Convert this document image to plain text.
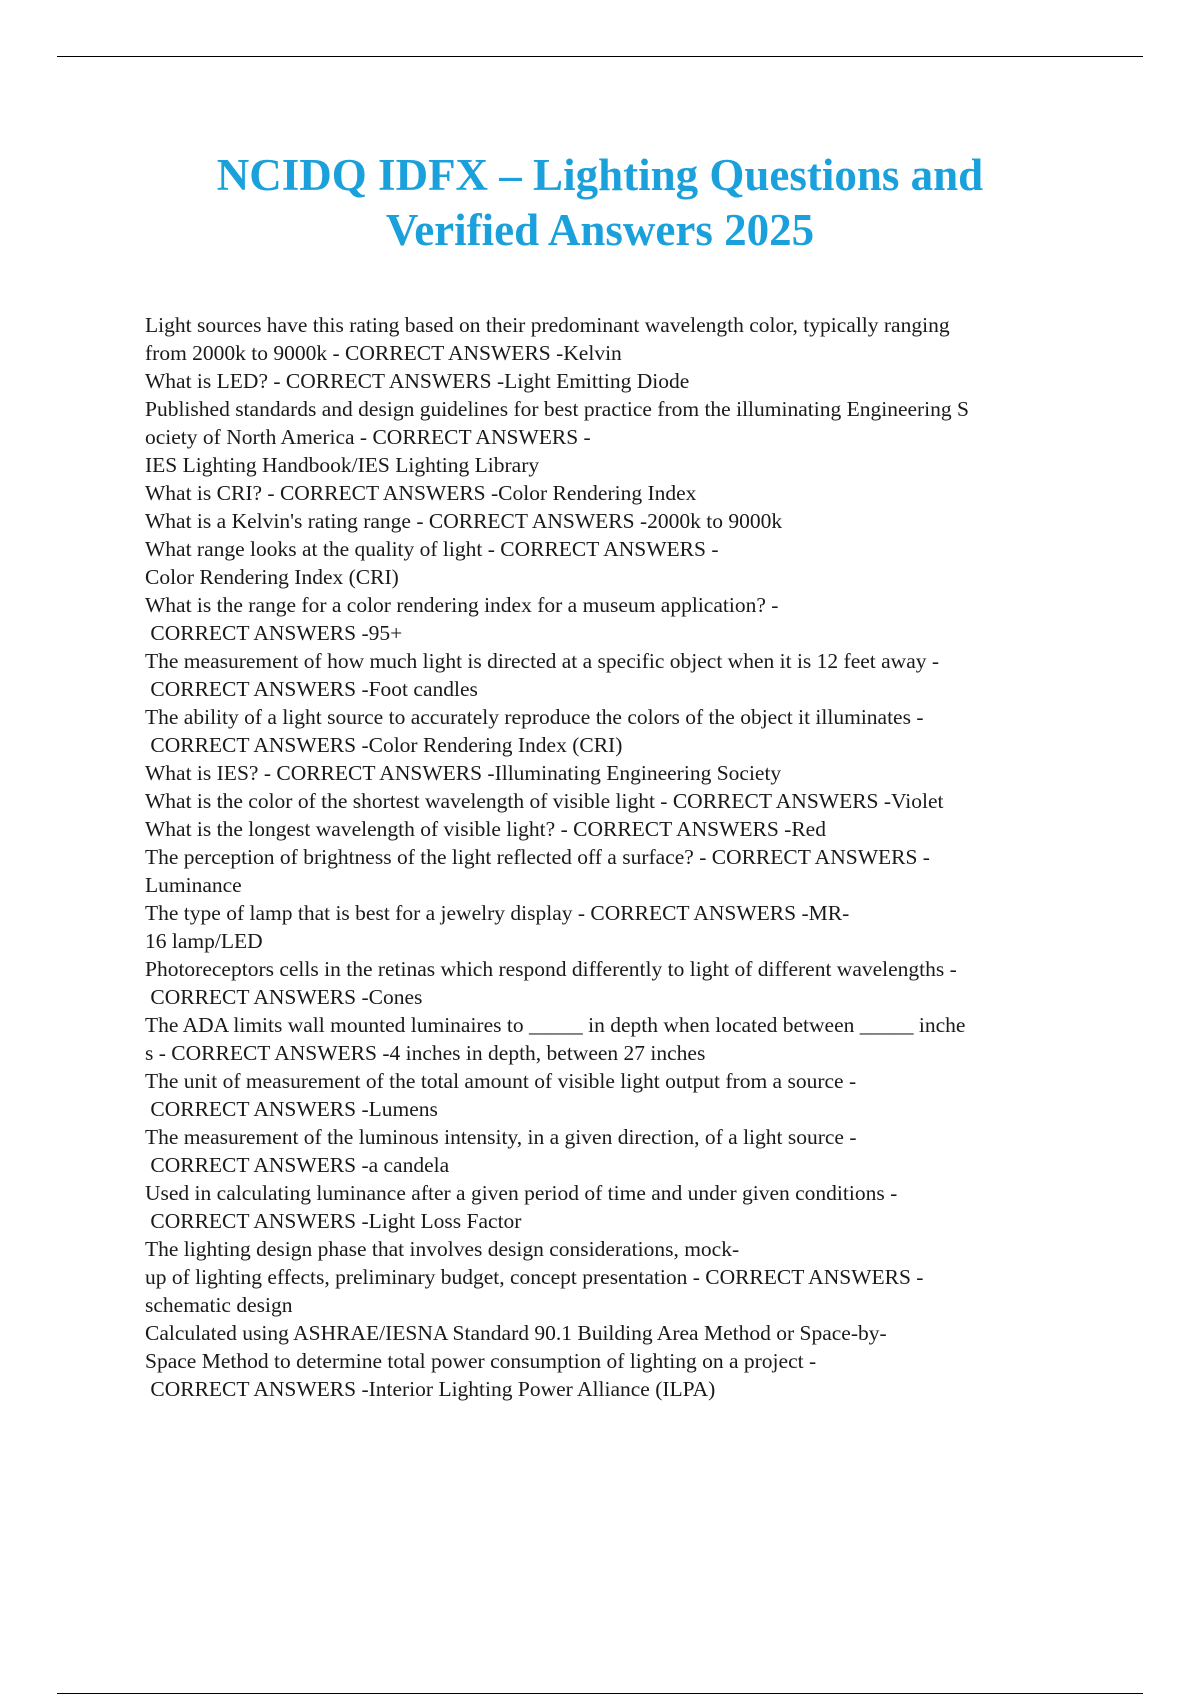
NCIDQ IDFX – Lighting Questions and
Verified Answers 2025
Light sources have this rating based on their predominant wavelength color, typically ranging
from 2000k to 9000k - CORRECT ANSWERS -Kelvin
What is LED? - CORRECT ANSWERS -Light Emitting Diode
Published standards and design guidelines for best practice from the illuminating Engineering S
ociety of North America - CORRECT ANSWERS -
IES Lighting Handbook/IES Lighting Library
What is CRI? - CORRECT ANSWERS -Color Rendering Index
What is a Kelvin's rating range - CORRECT ANSWERS -2000k to 9000k
What range looks at the quality of light - CORRECT ANSWERS -
Color Rendering Index (CRI)
What is the range for a color rendering index for a museum application? -
CORRECT ANSWERS -95+
The measurement of how much light is directed at a specific object when it is 12 feet away -
CORRECT ANSWERS -Foot candles
The ability of a light source to accurately reproduce the colors of the object it illuminates -
CORRECT ANSWERS -Color Rendering Index (CRI)
What is IES? - CORRECT ANSWERS -Illuminating Engineering Society
What is the color of the shortest wavelength of visible light - CORRECT ANSWERS -Violet
What is the longest wavelength of visible light? - CORRECT ANSWERS -Red
The perception of brightness of the light reflected off a surface? - CORRECT ANSWERS -
Luminance
The type of lamp that is best for a jewelry display - CORRECT ANSWERS -MR-
16 lamp/LED
Photoreceptors cells in the retinas which respond differently to light of different wavelengths -
CORRECT ANSWERS -Cones
The ADA limits wall mounted luminaires to _____ in depth when located between _____ inche
s - CORRECT ANSWERS -4 inches in depth, between 27 inches
The unit of measurement of the total amount of visible light output from a source -
CORRECT ANSWERS -Lumens
The measurement of the luminous intensity, in a given direction, of a light source -
CORRECT ANSWERS -a candela
Used in calculating luminance after a given period of time and under given conditions -
CORRECT ANSWERS -Light Loss Factor
The lighting design phase that involves design considerations, mock-
up of lighting effects, preliminary budget, concept presentation - CORRECT ANSWERS -
schematic design
Calculated using ASHRAE/IESNA Standard 90.1 Building Area Method or Space-by-
Space Method to determine total power consumption of lighting on a project -
CORRECT ANSWERS -Interior Lighting Power Alliance (ILPA)
